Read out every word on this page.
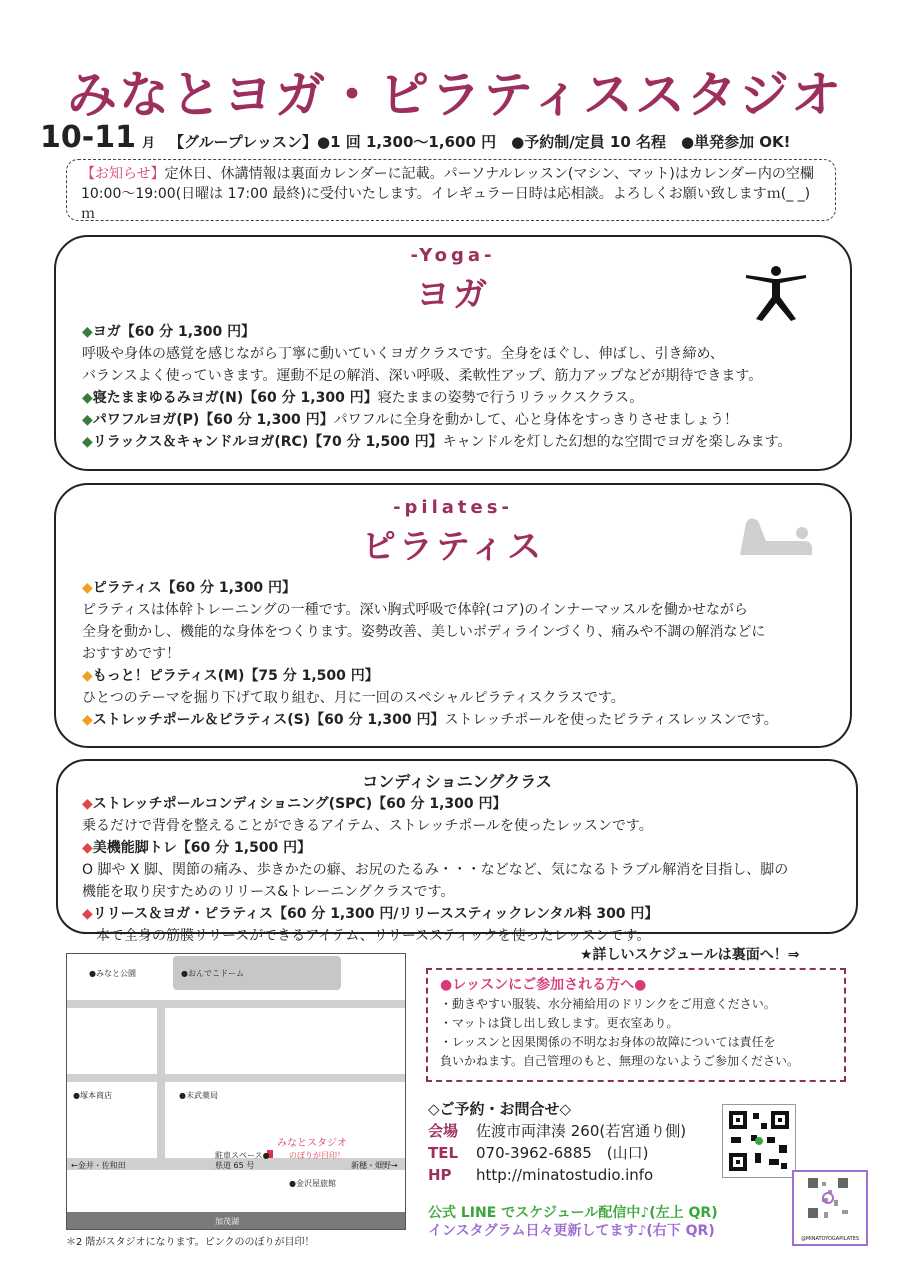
みなとヨガ・ピラティススタジオ
10-11 月 【グループレッスン】●1 回 1,300～1,600 円　●予約制/定員 10 名程　●単発参加 OK!
【お知らせ】定休日、休講情報は裏面カレンダーに記載。パーソナルレッスン(マシン、マット)はカレンダー内の空欄 10:00～19:00(日曜は 17:00 最終)に受付いたします。イレギュラー日時は応相談。よろしくお願い致しますｍ(_ _)ｍ
-Yoga-
ヨガ
◆ヨガ【60 分 1,300 円】
呼吸や身体の感覚を感じながら丁寧に動いていくヨガクラスです。全身をほぐし、伸ばし、引き締め、
バランスよく使っていきます。運動不足の解消、深い呼吸、柔軟性アップ、筋力アップなどが期待できます。
◆寝たままゆるみヨガ(N)【60 分 1,300 円】寝たままの姿勢で行うリラックスクラス。
◆パワフルヨガ(P)【60 分 1,300 円】パワフルに全身を動かして、心と身体をすっきりさせましょう！
◆リラックス＆キャンドルヨガ(RC)【70 分 1,500 円】キャンドルを灯した幻想的な空間でヨガを楽しみます。
-pilates-
ピラティス
◆ピラティス【60 分 1,300 円】
ピラティスは体幹トレーニングの一種です。深い胸式呼吸で体幹(コア)のインナーマッスルを働かせながら
全身を動かし、機能的な身体をつくります。姿勢改善、美しいボディラインづくり、痛みや不調の解消などに
おすすめです！
◆もっと！ピラティス(M)【75 分 1,500 円】
ひとつのテーマを掘り下げて取り組む、月に一回のスペシャルピラティスクラスです。
◆ストレッチポール＆ピラティス(S)【60 分 1,300 円】ストレッチポールを使ったピラティスレッスンです。
コンディショニングクラス
◆ストレッチポールコンディショニング(SPC)【60 分 1,300 円】
乗るだけで背骨を整えることができるアイテム、ストレッチポールを使ったレッスンです。
◆美機能脚トレ【60 分 1,500 円】
O 脚や X 脚、関節の痛み、歩きかたの癖、お尻のたるみ・・・などなど、気になるトラブル解消を目指し、脚の
機能を取り戻すためのリリース&トレーニングクラスです。
◆リリース＆ヨガ・ピラティス【60 分 1,300 円/リリーススティックレンタル料 300 円】
一本で全身の筋膜リリースができるアイテム、リリーススティックを使ったレッスンです。
●みなと公園	●おんでこドーム
●塚本商店	●末武薬局
みなとスタジオ
駐車スペース● のぼりが目印！
←金井・佐和田	県道 65 号	新穂・畑野→
●金沢屋旅館
加茂湖
＊2 階がスタジオになります。ピンクののぼりが目印！
★詳しいスケジュールは裏面へ！⇒
●レッスンにご参加される方へ●
・動きやすい服装、水分補給用のドリンクをご用意ください。
・マットは貸し出し致します。更衣室あり。
・レッスンと因果関係の不明なお身体の故障については責任を
負いかねます。自己管理のもと、無理のないようご参加ください。
◇ご予約・お問合せ◇
会場 佐渡市両津湊 260(若宮通り側)
TEL 070-3962-6885　(山口)
HP http://minatostudio.info
@MINATOYOGAPILATES
公式 LINE でスケジュール配信中♪(左上 QR)
インスタグラム日々更新してます♪(右下 QR)
